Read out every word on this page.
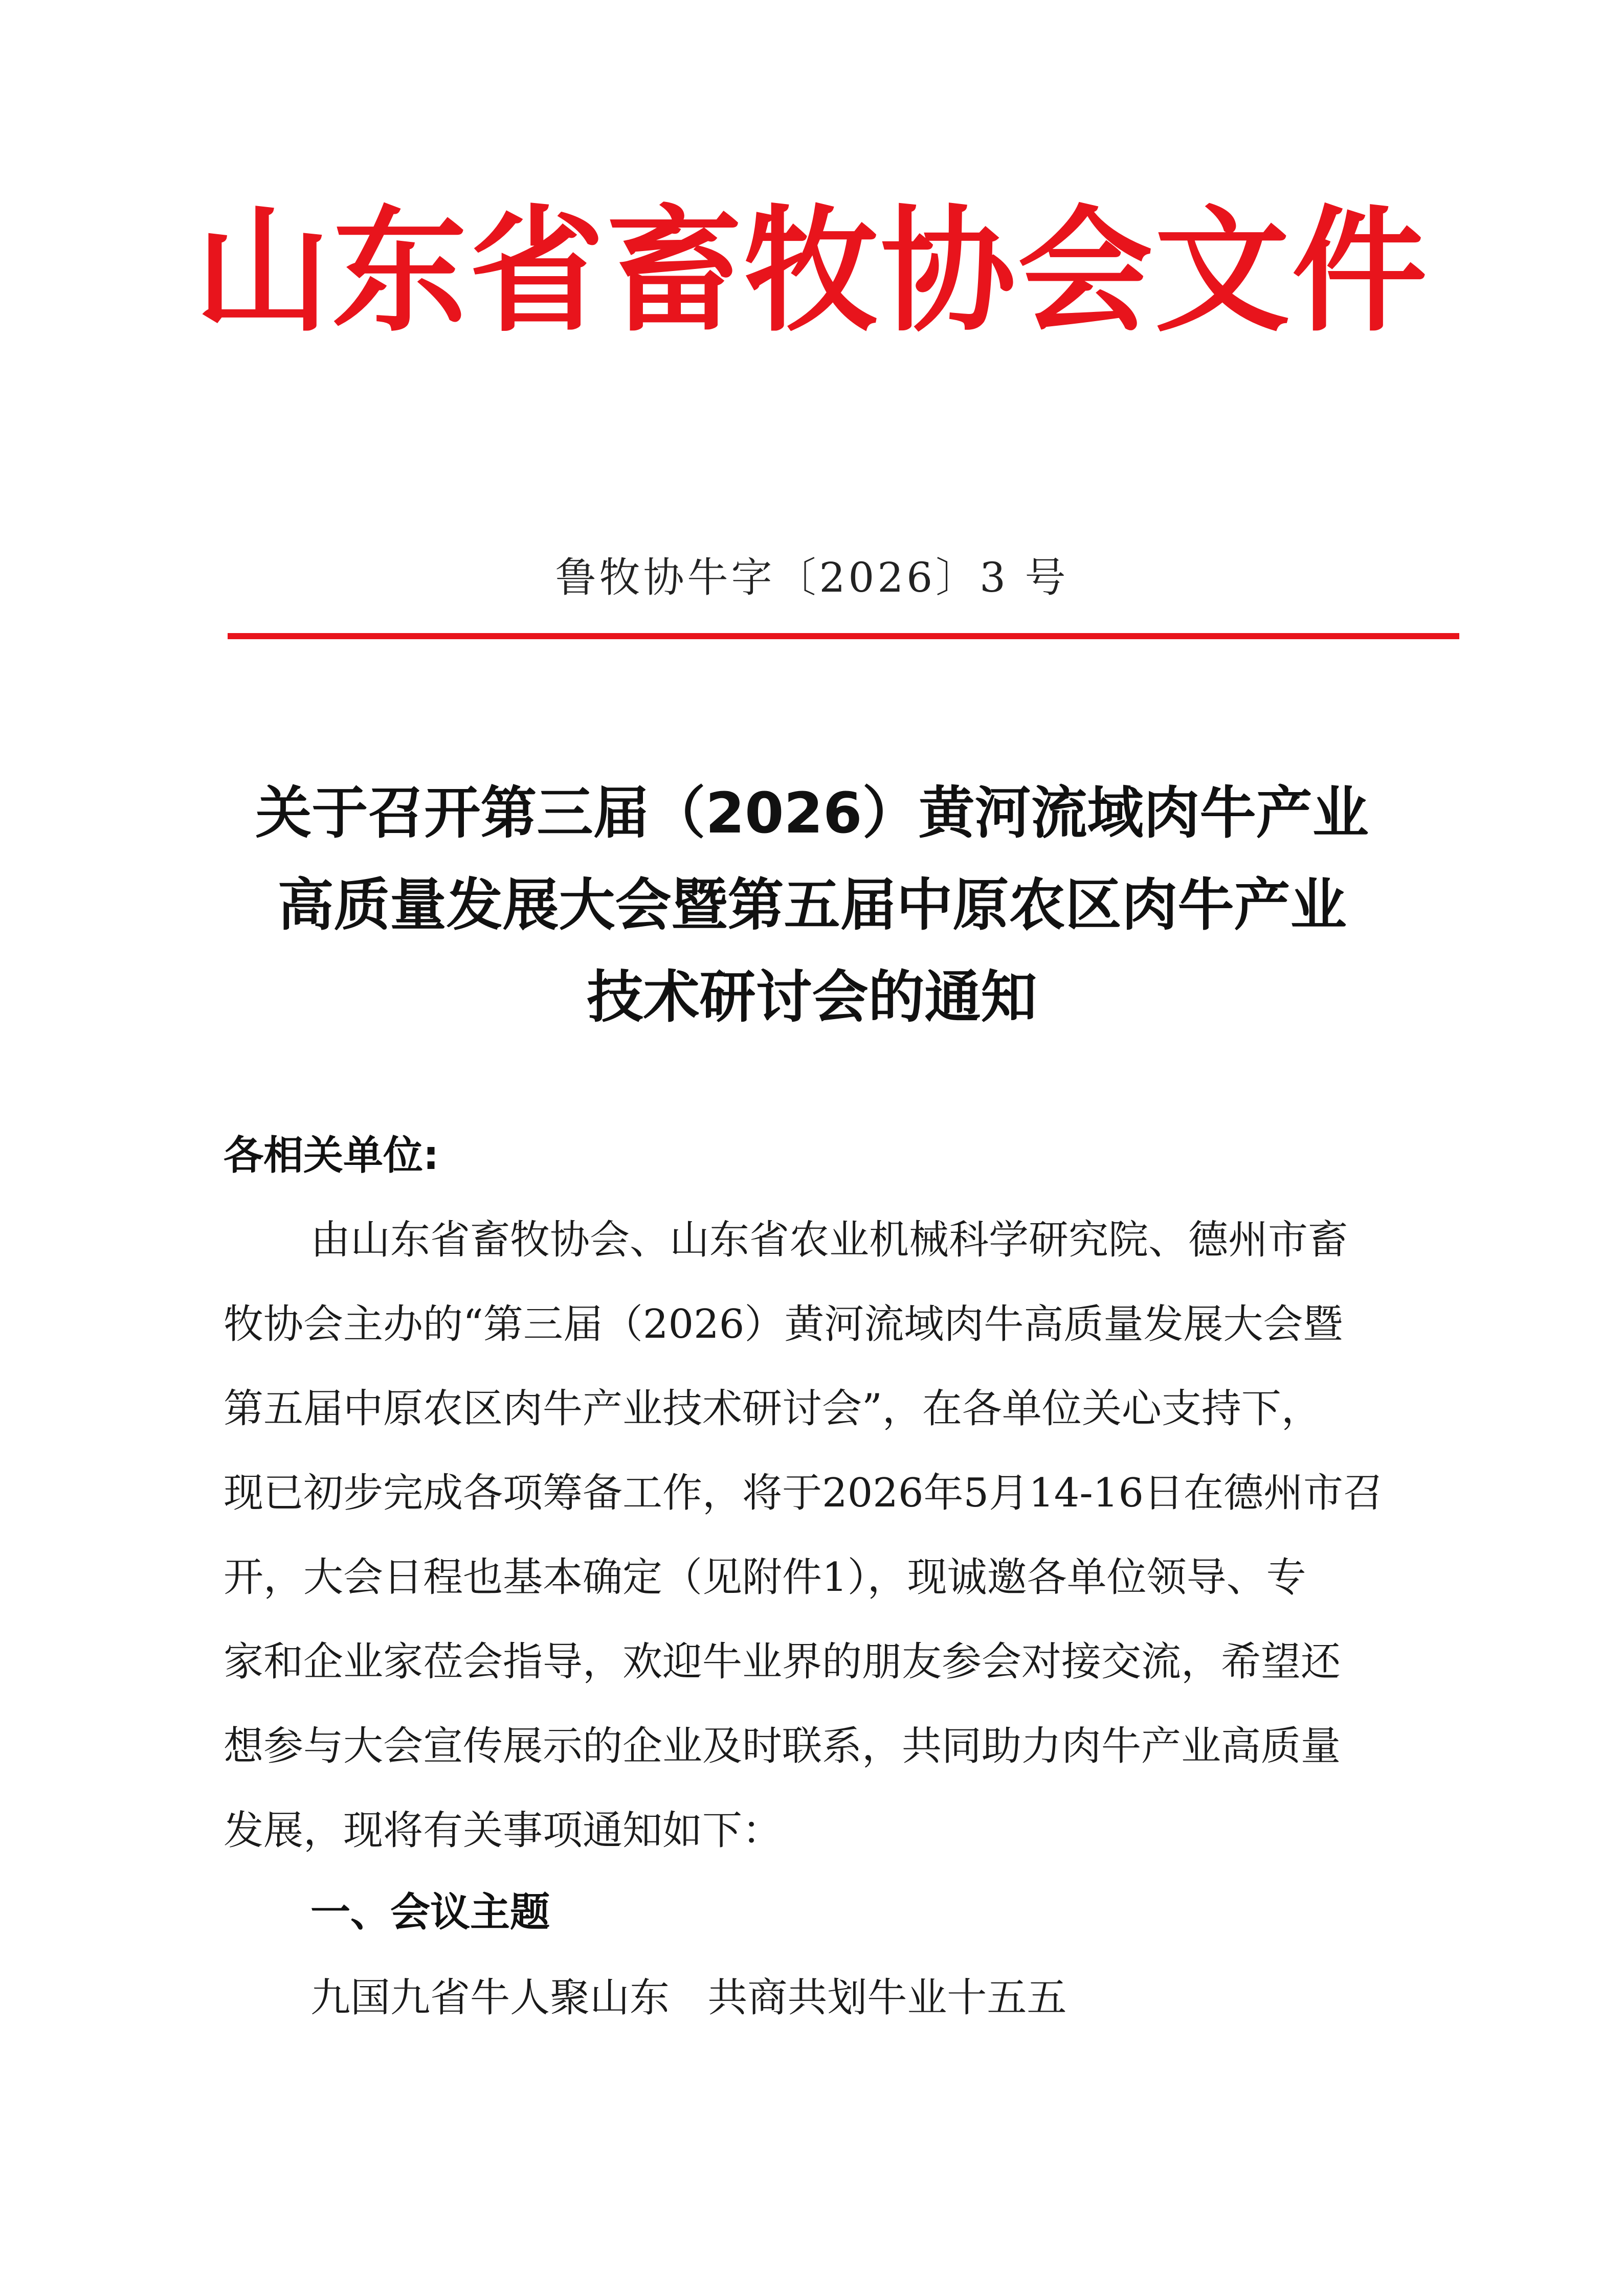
山东省畜牧协会文件
鲁牧协牛字〔2026〕3 号
关于召开第三届（2026）黄河流域肉牛产业
高质量发展大会暨第五届中原农区肉牛产业
技术研讨会的通知
各相关单位:
由山东省畜牧协会、山东省农业机械科学研究院、德州市畜
牧协会主办的“第三届（2026）黄河流域肉牛高质量发展大会暨
第五届中原农区肉牛产业技术研讨会”，在各单位关心支持下，
现已初步完成各项筹备工作，将于2026年5月14-16日在德州市召
开，大会日程也基本确定（见附件1），现诚邀各单位领导、专
家和企业家莅会指导，欢迎牛业界的朋友参会对接交流，希望还
想参与大会宣传展示的企业及时联系，共同助力肉牛产业高质量
发展，现将有关事项通知如下：
一、会议主题
九国九省牛人聚山东   共商共划牛业十五五
